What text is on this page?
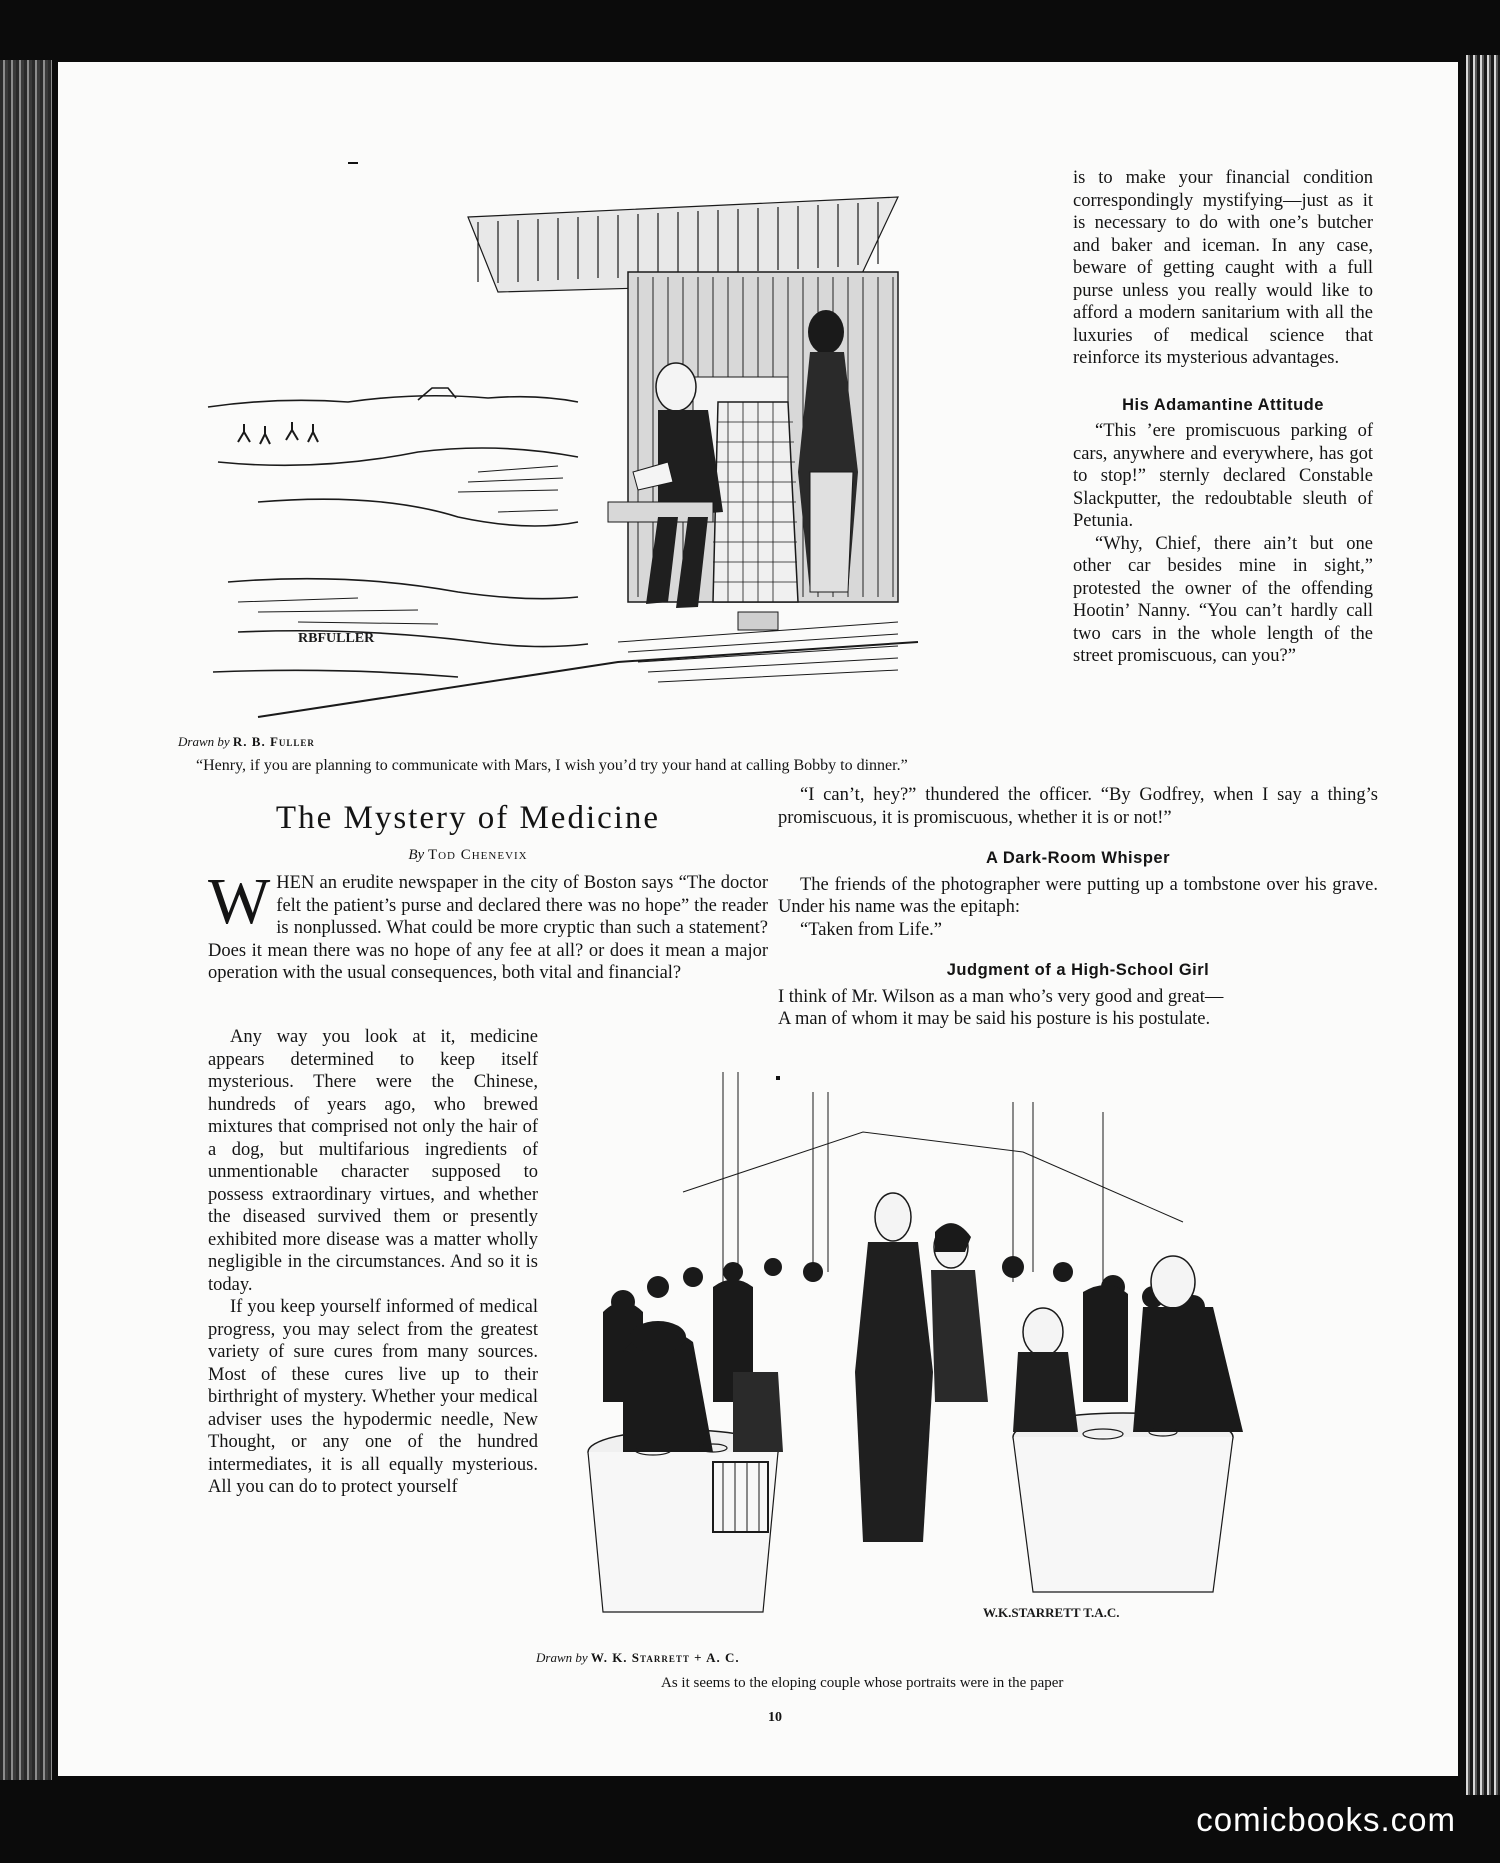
RBFULLER
Drawn by R. B. Fuller
“Henry, if you are planning to communicate with Mars, I wish you’d try your hand at calling Bobby to dinner.”

is to make your financial condition correspondingly mystifying—just as it is necessary to do with one’s butcher and baker and iceman. In any case, beware of getting caught with a full purse unless you really would like to afford a modern sanitarium with all the luxuries of medical science that reinforce its mysterious advantages.

His Adamantine Attitude

“This ’ere promiscuous parking of cars, anywhere and everywhere, has got to stop!” sternly declared Constable Slackputter, the redoubtable sleuth of Petunia.

“Why, Chief, there ain’t but one other car besides mine in sight,” protested the owner of the offending Hootin’ Nanny. “You can’t hardly call two cars in the whole length of the street promiscuous, can you?”

“I can’t, hey?” thundered the officer. “By Godfrey, when I say a thing’s promiscuous, it is promiscuous, whether it is or not!”

A Dark-Room Whisper

The friends of the photographer were putting up a tombstone over his grave. Under his name was the epitaph:

“Taken from Life.”

Judgment of a High-School Girl

I think of Mr. Wilson as a man who’s very good and great—

A man of whom it may be said his posture is his postulate.

The Mystery of Medicine
By Tod Chenevix

WHEN an erudite newspaper in the city of Boston says “The doctor felt the patient’s purse and declared there was no hope” the reader is nonplussed. What could be more cryptic than such a statement? Does it mean there was no hope of any fee at all? or does it mean a major operation with the usual consequences, both vital and financial?

Any way you look at it, medicine appears determined to keep itself mysterious. There were the Chinese, hundreds of years ago, who brewed mixtures that comprised not only the hair of a dog, but multifarious ingredients of unmentionable character supposed to possess extraordinary virtues, and whether the diseased survived them or presently exhibited more disease was a matter wholly negligible in the circumstances. And so it is today.

If you keep yourself informed of medical progress, you may select from the greatest variety of sure cures from many sources. Most of these cures live up to their birthright of mystery. Whether your medical adviser uses the hypodermic needle, New Thought, or any one of the hundred intermediates, it is all equally mysterious. All you can do to protect yourself

W.K.STARRETT T.A.C.
Drawn by W. K. Starrett + A. C.
As it seems to the eloping couple whose portraits were in the paper
10
comicbooks.com
